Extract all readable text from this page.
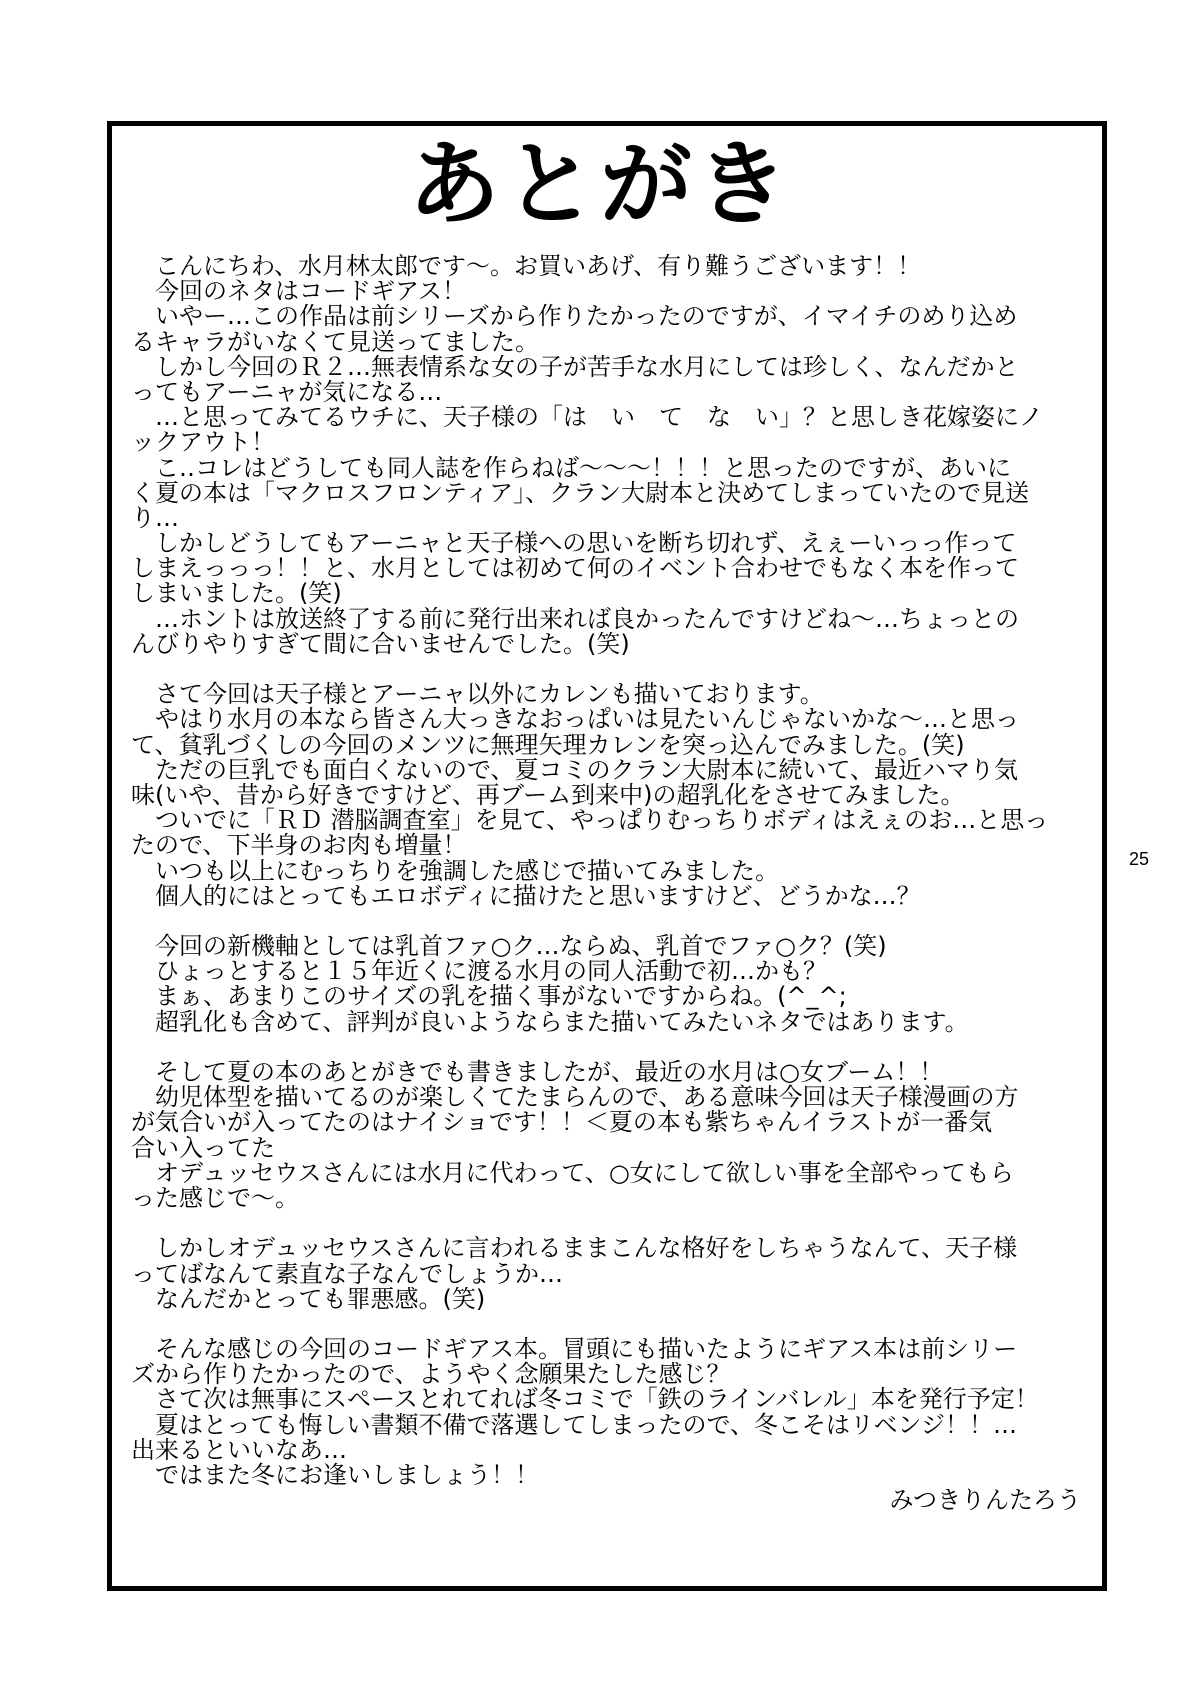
あとがき
　こんにちわ、水月林太郎です〜。お買いあげ、有り難うございます！！
　今回のネタはコードギアス！
　いやー…この作品は前シリーズから作りたかったのですが、イマイチのめり込め
るキャラがいなくて見送ってました。
　しかし今回のＲ２…無表情系な女の子が苦手な水月にしては珍しく、なんだかと
ってもアーニャが気になる…
　…と思ってみてるウチに、天子様の「は　い　て　な　い」？と思しき花嫁姿にノ
ックアウト！
　こ‥コレはどうしても同人誌を作らねば〜〜〜！！！と思ったのですが、あいに
く夏の本は「マクロスフロンティア」、クラン大尉本と決めてしまっていたので見送
り…
　しかしどうしてもアーニャと天子様への思いを断ち切れず、えぇーいっっ作って
しまえっっっ！！と、水月としては初めて何のイベント合わせでもなく本を作って
しまいました。(笑)
　…ホントは放送終了する前に発行出来れば良かったんですけどね〜…ちょっとの
んびりやりすぎて間に合いませんでした。(笑)
　さて今回は天子様とアーニャ以外にカレンも描いております。
　やはり水月の本なら皆さん大っきなおっぱいは見たいんじゃないかな〜…と思っ
て、貧乳づくしの今回のメンツに無理矢理カレンを突っ込んでみました。(笑)
　ただの巨乳でも面白くないので、夏コミのクラン大尉本に続いて、最近ハマり気
味(いや、昔から好きですけど、再ブーム到来中)の超乳化をさせてみました。
　ついでに「ＲＤ 潜脳調査室」を見て、やっぱりむっちりボディはえぇのお…と思っ
たので、下半身のお肉も増量！
　いつも以上にむっちりを強調した感じで描いてみました。
　個人的にはとってもエロボディに描けたと思いますけど、どうかな…？
　今回の新機軸としては乳首ファ○ク…ならぬ、乳首でファ○ク？(笑)
　ひょっとすると１５年近くに渡る水月の同人活動で初…かも？
　まぁ、あまりこのサイズの乳を描く事がないですからね。(^_^;
　超乳化も含めて、評判が良いようならまた描いてみたいネタではあります。
　そして夏の本のあとがきでも書きましたが、最近の水月は○女ブーム！！
　幼児体型を描いてるのが楽しくてたまらんので、ある意味今回は天子様漫画の方
が気合いが入ってたのはナイショです！！＜夏の本も紫ちゃんイラストが一番気
合い入ってた
　オデュッセウスさんには水月に代わって、○女にして欲しい事を全部やってもら
った感じで〜。
　しかしオデュッセウスさんに言われるままこんな格好をしちゃうなんて、天子様
ってばなんて素直な子なんでしょうか…
　なんだかとっても罪悪感。(笑)
　そんな感じの今回のコードギアス本。冒頭にも描いたようにギアス本は前シリー
ズから作りたかったので、ようやく念願果たした感じ？
　さて次は無事にスペースとれてれば冬コミで「鉄のラインバレル」本を発行予定！
　夏はとっても悔しい書類不備で落選してしまったので、冬こそはリベンジ！！…
出来るといいなあ…
　ではまた冬にお逢いしましょう！！
みつきりんたろう
25
